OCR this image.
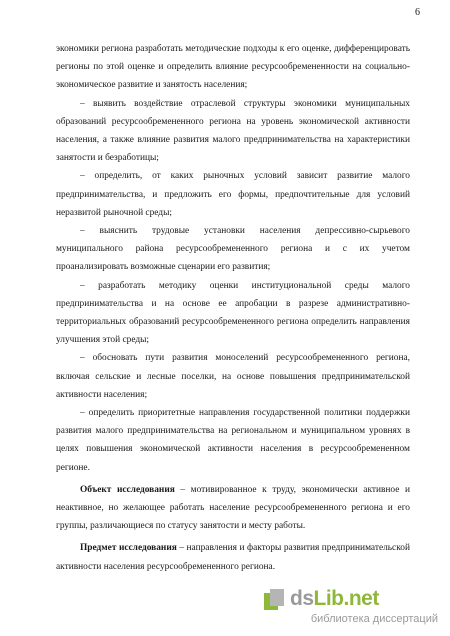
6

экономики региона разработать методические подходы к его оценке, дифференцировать регионы по этой оценке и определить влияние ресурсообремененности на социально-экономическое развитие и занятость населения;

– выявить воздействие отраслевой структуры экономики муниципальных образований ресурсообремененного региона на уровень экономической активности населения, а также влияние развития малого предпринимательства на характеристики занятости и безработицы;

– определить, от каких рыночных условий зависит развитие малого предпринимательства, и предложить его формы, предпочтительные для условий неразвитой рыночной среды;

– выяснить трудовые установки населения депрессивно-сырьевого муниципального района ресурсообремененного региона и с их учетом проанализировать возможные сценарии его развития;

– разработать методику оценки институциональной среды малого предпринимательства и на основе ее апробации в разрезе административно-территориальных образований ресурсообремененного региона определить направления улучшения этой среды;

– обосновать пути развития моноселений ресурсообремененного региона, включая сельские и лесные поселки, на основе повышения предпринимательской активности населения;

– определить приоритетные направления государственной политики поддержки развития малого предпринимательства на региональном и муниципальном уровнях в целях повышения экономической активности населения в ресурсообремененном регионе.

Объект исследования – мотивированное к труду, экономически активное и неактивное, но желающее работать население ресурсообремененного региона и его группы, различающиеся по статусу занятости и месту работы.

Предмет исследования – направления и факторы развития предпринимательской активности населения ресурсообремененного региона.

dsLib.net
библиотека диссертаций
